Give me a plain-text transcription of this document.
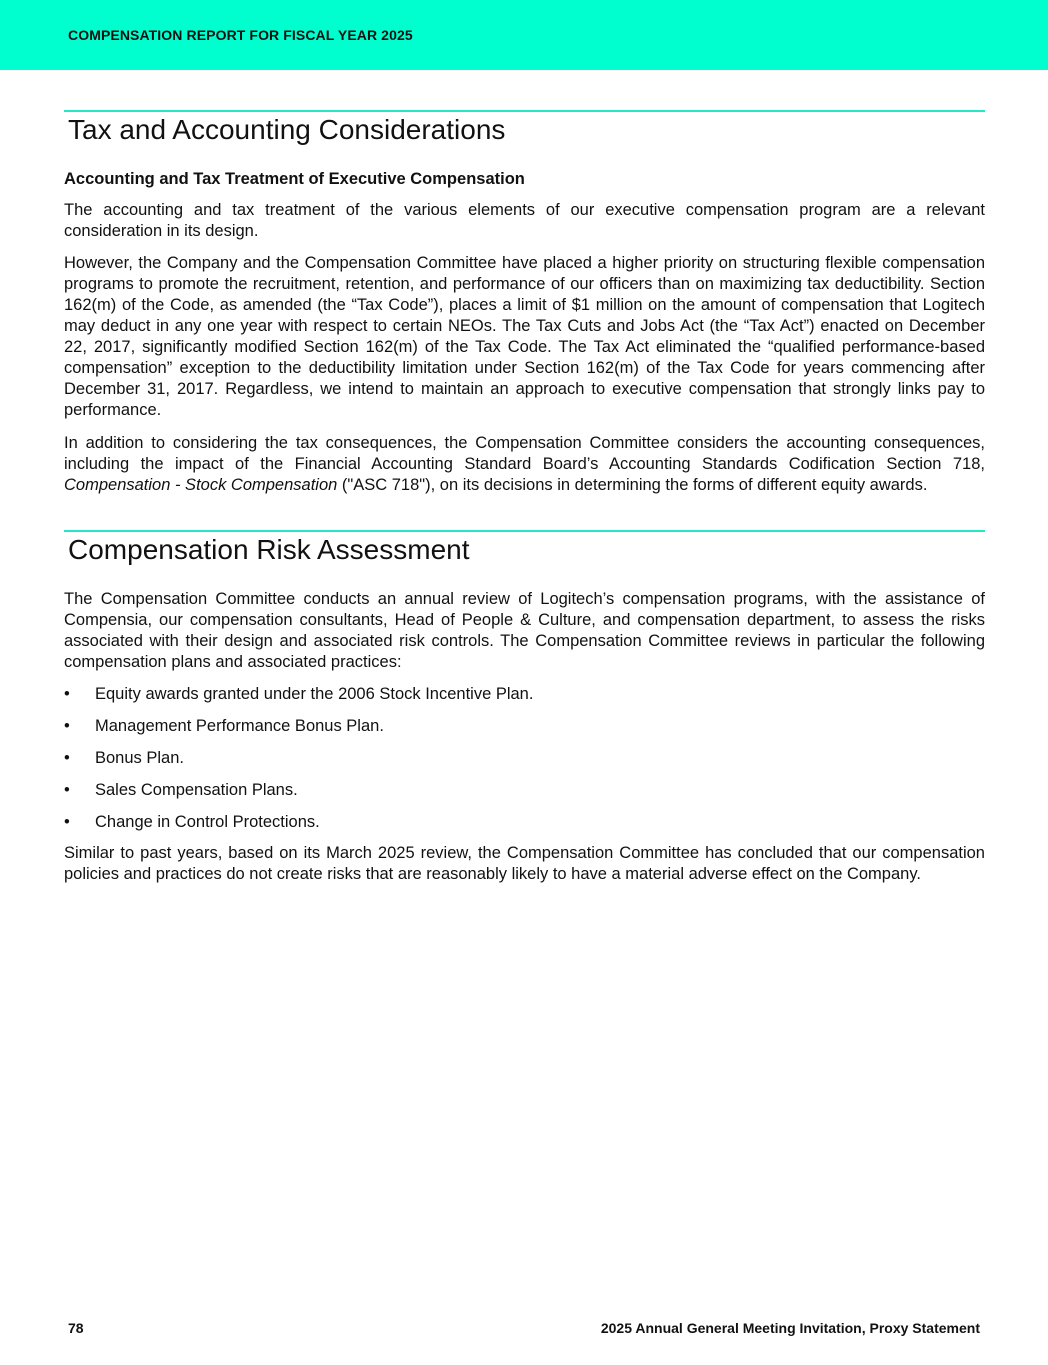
COMPENSATION REPORT FOR FISCAL YEAR 2025
Tax and Accounting Considerations
Accounting and Tax Treatment of Executive Compensation

The accounting and tax treatment of the various elements of our executive compensation program are a relevant consideration in its design.

However, the Company and the Compensation Committee have placed a higher priority on structuring flexible compensation programs to promote the recruitment, retention, and performance of our officers than on maximizing tax deductibility. Section 162(m) of the Code, as amended (the “Tax Code”), places a limit of $1 million on the amount of compensation that Logitech may deduct in any one year with respect to certain NEOs. The Tax Cuts and Jobs Act (the “Tax Act”) enacted on December 22, 2017, significantly modified Section 162(m) of the Tax Code. The Tax Act eliminated the “qualified performance-based compensation” exception to the deductibility limitation under Section 162(m) of the Tax Code for years commencing after December 31, 2017. Regardless, we intend to maintain an approach to executive compensation that strongly links pay to performance.

In addition to considering the tax consequences, the Compensation Committee considers the accounting consequences, including the impact of the Financial Accounting Standard Board’s Accounting Standards Codification Section 718, Compensation - Stock Compensation ("ASC 718"), on its decisions in determining the forms of different equity awards.

Compensation Risk Assessment

The Compensation Committee conducts an annual review of Logitech’s compensation programs, with the assistance of Compensia, our compensation consultants, Head of People & Culture, and compensation department, to assess the risks associated with their design and associated risk controls. The Compensation Committee reviews in particular the following compensation plans and associated practices:

• Equity awards granted under the 2006 Stock Incentive Plan.
• Management Performance Bonus Plan.
• Bonus Plan.
• Sales Compensation Plans.
• Change in Control Protections.

Similar to past years, based on its March 2025 review, the Compensation Committee has concluded that our compensation policies and practices do not create risks that are reasonably likely to have a material adverse effect on the Company.

78	2025 Annual General Meeting Invitation, Proxy Statement
